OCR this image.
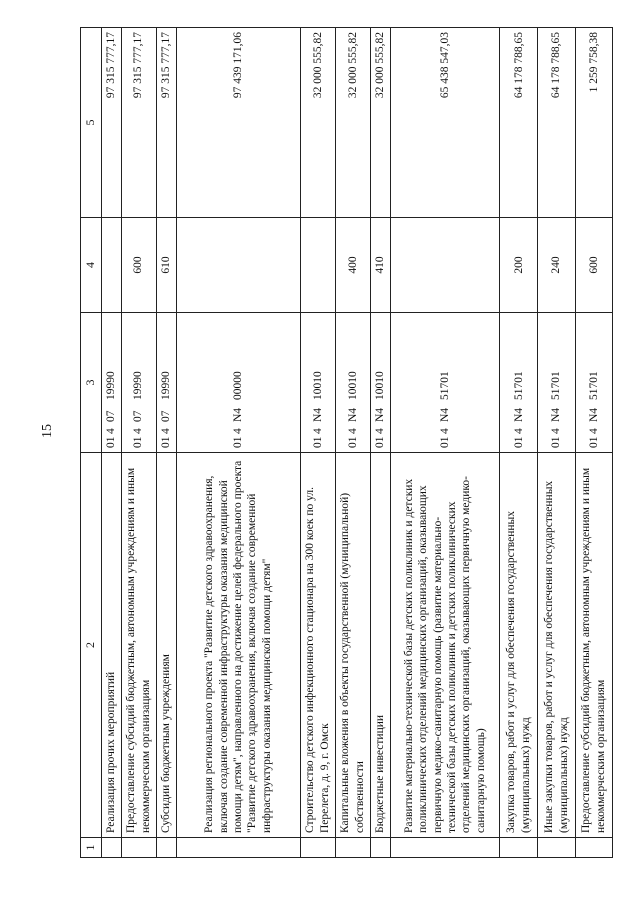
15
1	2	3	4	5
	Реализация прочих мероприятий	0140719990		97 315 777,17
	Предоставление субсидий бюджетным, автономным учреждениям и иным некоммерческим организациям	0140719990	600	97 315 777,17
	Субсидии бюджетным учреждениям	0140719990	610	97 315 777,17
	Реализация регионального проекта "Развитие детского здравоохранения, включая создание современной инфраструктуры оказания медицинской помощи детям", направленного на достижение целей федерального проекта "Развитие детского здравоохранения, включая создание современной инфраструктуры оказания медицинской помощи детям"	014N400000		97 439 171,06
	Строительство детского инфекционного стационара на 300 коек по ул. Перелета, д. 9, г. Омск	014N410010		32 000 555,82
	Капитальные вложения в объекты государственной (муниципальной) собственности	014N410010	400	32 000 555,82
	Бюджетные инвестиции	014N410010	410	32 000 555,82
	Развитие материально-технической базы детских поликлиник и детских поликлинических отделений медицинских организаций, оказывающих первичную медико-санитарную помощь (развитие материально-технической базы детских поликлиник и детских поликлинических отделений медицинских организаций, оказывающих первичную медико-санитарную помощь)	014N451701		65 438 547,03
	Закупка товаров, работ и услуг для обеспечения государственных (муниципальных) нужд	014N451701	200	64 178 788,65
	Иные закупки товаров, работ и услуг для обеспечения государственных (муниципальных) нужд	014N451701	240	64 178 788,65
	Предоставление субсидий бюджетным, автономным учреждениям и иным некоммерческим организациям	014N451701	600	1 259 758,38
